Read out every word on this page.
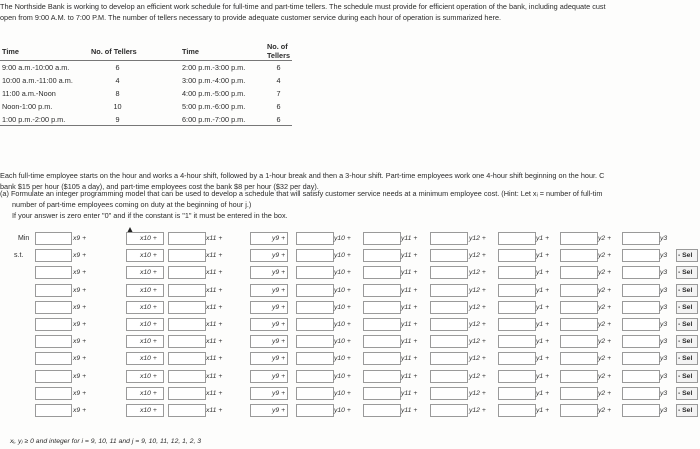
The Northside Bank is working to develop an efficient work schedule for full-time and part-time tellers. The schedule must provide for efficient operation of the bank, including adequate cust
open from 9:00 A.M. to 7:00 P.M. The number of tellers necessary to provide adequate customer service during each hour of operation is summarized here.
Time	No. of Tellers	Time	No. of Tellers
9:00 a.m.-10:00 a.m.	6	2:00 p.m.-3:00 p.m.	6
10:00 a.m.-11:00 a.m.	4	3:00 p.m.-4:00 p.m.	4
11:00 a.m.-Noon	8	4:00 p.m.-5:00 p.m.	7
Noon-1:00 p.m.	10	5:00 p.m.-6:00 p.m.	6
1:00 p.m.-2:00 p.m.	9	6:00 p.m.-7:00 p.m.	6
Each full-time employee starts on the hour and works a 4-hour shift, followed by a 1-hour break and then a 3-hour shift. Part-time employees work one 4-hour shift beginning on the hour. C
bank $15 per hour ($105 a day), and part-time employees cost the bank $8 per hour ($32 per day).
(a) Formulate an integer programming model that can be used to develop a schedule that will satisfy customer service needs at a minimum employee cost. (Hint: Let xᵢ = number of full-tim
number of part-time employees coming on duty at the beginning of hour j.)
If your answer is zero enter "0" and if the constant is "1" it must be entered in the box.
Min	x9 +	x10 +	x11 +	y9 +	y10 +	y11 +	y12 +	y1 +	y2 +	y3
s.t.	x9 +	x10 +	x11 +	y9 +	y10 +	y11 +	y12 +	y1 +	y2 +	y3 - Sel
x9 +	x10 +	x11 +	y9 +	y10 +	y11 +	y12 +	y1 +	y2 +	y3 - Sel
x9 +	x10 +	x11 +	y9 +	y10 +	y11 +	y12 +	y1 +	y2 +	y3 - Sel
x9 +	x10 +	x11 +	y9 +	y10 +	y11 +	y12 +	y1 +	y2 +	y3 - Sel
x9 +	x10 +	x11 +	y9 +	y10 +	y11 +	y12 +	y1 +	y2 +	y3 - Sel
x9 +	x10 +	x11 +	y9 +	y10 +	y11 +	y12 +	y1 +	y2 +	y3 - Sel
x9 +	x10 +	x11 +	y9 +	y10 +	y11 +	y12 +	y1 +	y2 +	y3 - Sel
x9 +	x10 +	x11 +	y9 +	y10 +	y11 +	y12 +	y1 +	y2 +	y3 - Sel
x9 +	x10 +	x11 +	y9 +	y10 +	y11 +	y12 +	y1 +	y2 +	y3 - Sel
x9 +	x10 +	x11 +	y9 +	y10 +	y11 +	y12 +	y1 +	y2 +	y3 - Sel
xᵢ, yⱼ ≥ 0 and integer for i = 9, 10, 11 and j = 9, 10, 11, 12, 1, 2, 3
